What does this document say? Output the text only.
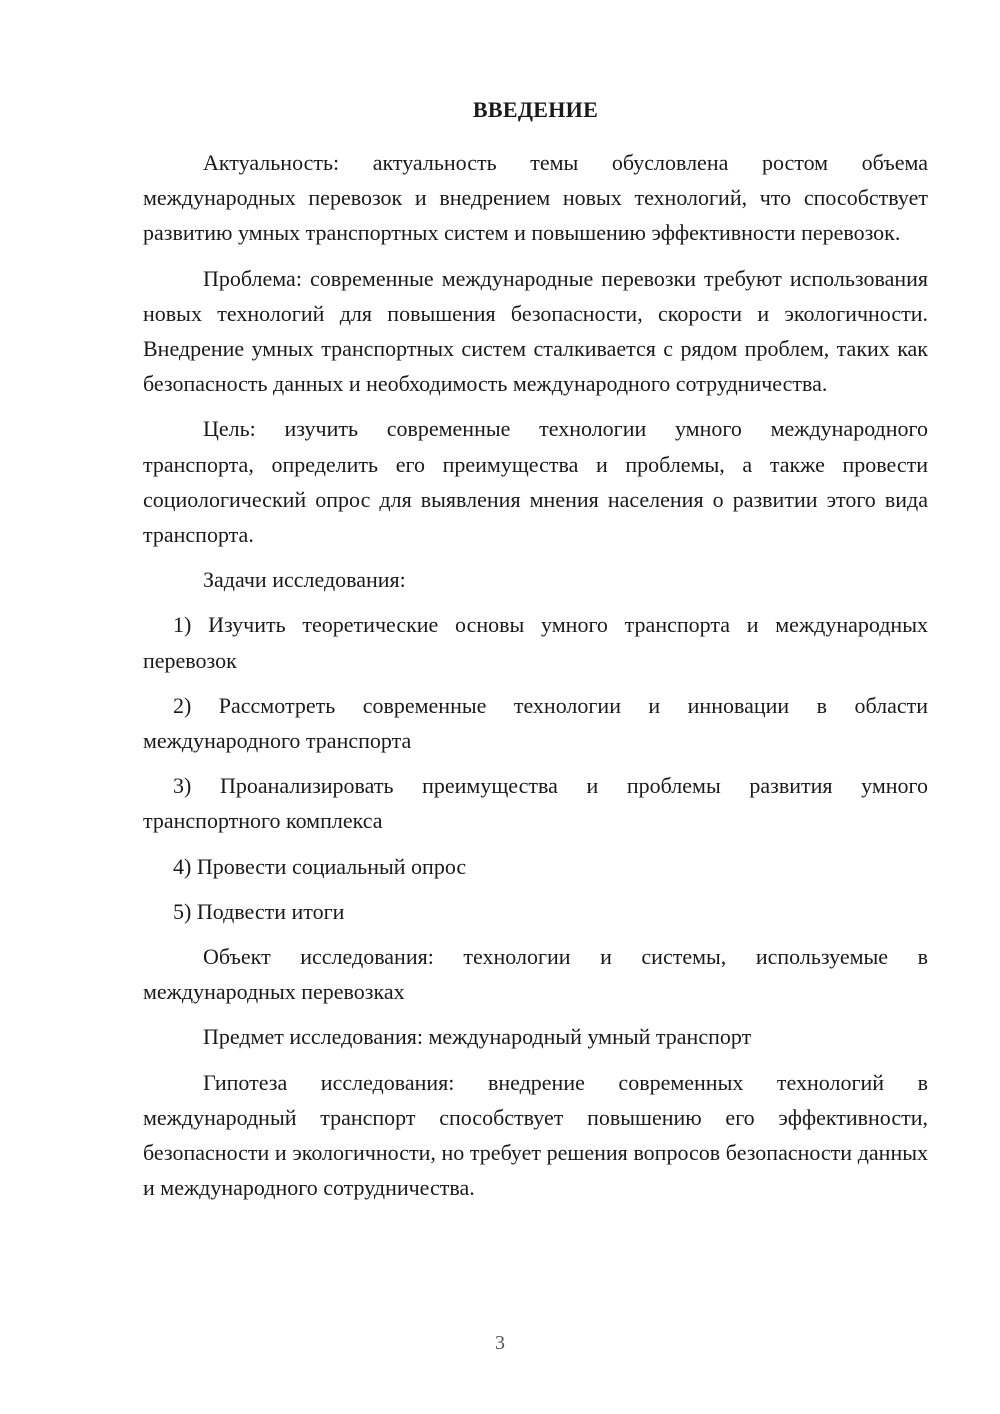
ВВЕДЕНИЕ

Актуальность: актуальность темы обусловлена ростом объема международных перевозок и внедрением новых технологий, что способствует развитию умных транспортных систем и повышению эффективности перевозок.

Проблема: современные международные перевозки требуют использования новых технологий для повышения безопасности, скорости и экологичности. Внедрение умных транспортных систем сталкивается с рядом проблем, таких как безопасность данных и необходимость международного сотрудничества.

Цель: изучить современные технологии умного международного транспорта, определить его преимущества и проблемы, а также провести социологический опрос для выявления мнения населения о развитии этого вида транспорта.

Задачи исследования:

1) Изучить теоретические основы умного транспорта и международных перевозок

2) Рассмотреть современные технологии и инновации в области международного транспорта

3) Проанализировать преимущества и проблемы развития умного транспортного комплекса

4) Провести социальный опрос

5) Подвести итоги

Объект исследования: технологии и системы, используемые в международных перевозках

Предмет исследования: международный умный транспорт

Гипотеза исследования: внедрение современных технологий в международный транспорт способствует повышению его эффективности, безопасности и экологичности, но требует решения вопросов безопасности данных и международного сотрудничества.

3
